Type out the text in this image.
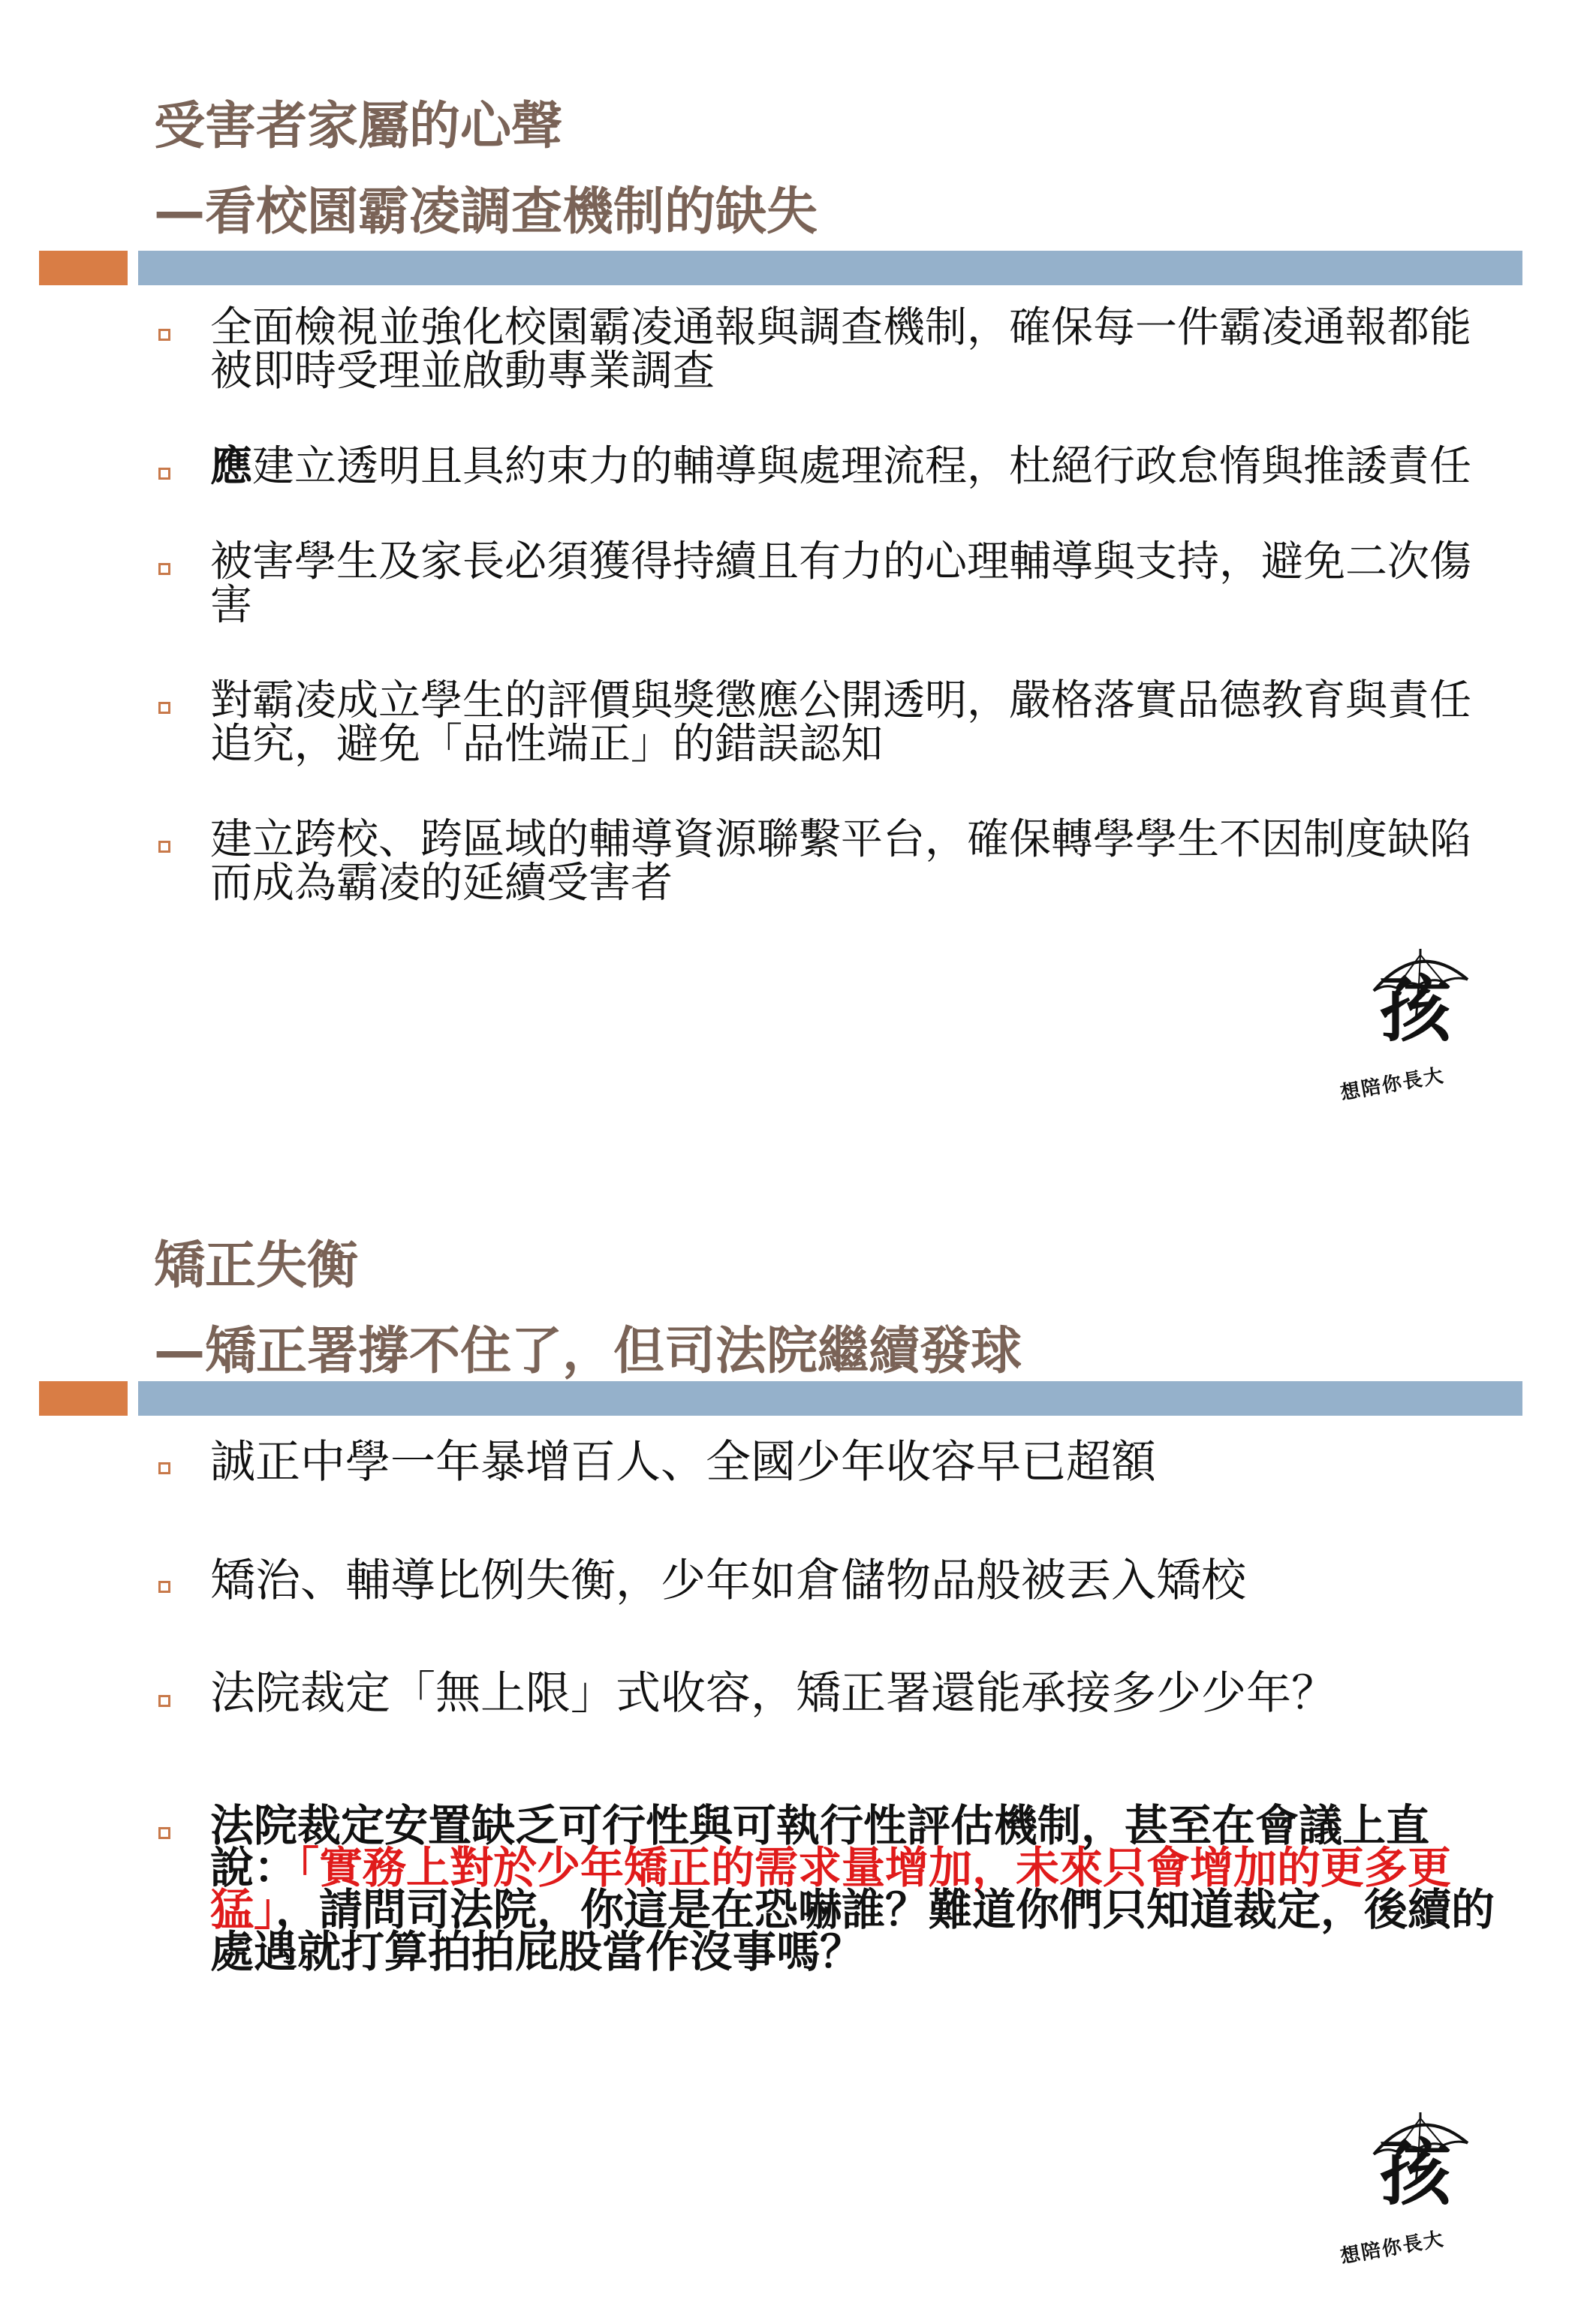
受害者家屬的心聲
—看校園霸凌調查機制的缺失
全面檢視並強化校園霸凌通報與調查機制，確保每一件霸凌通報都能被即時受理並啟動專業調查
應建立透明且具約束力的輔導與處理流程，杜絕行政怠惰與推諉責任
被害學生及家長必須獲得持續且有力的心理輔導與支持，避免二次傷害
對霸凌成立學生的評價與獎懲應公開透明，嚴格落實品德教育與責任追究，避免「品性端正」的錯誤認知
建立跨校、跨區域的輔導資源聯繫平台，確保轉學學生不因制度缺陷而成為霸凌的延續受害者
孩
想陪你長大
矯正失衡
—矯正署撐不住了，但司法院繼續發球
誠正中學一年暴增百人、全國少年收容早已超額
矯治、輔導比例失衡，少年如倉儲物品般被丟入矯校
法院裁定「無上限」式收容，矯正署還能承接多少少年？
法院裁定安置缺乏可行性與可執行性評估機制，甚至在會議上直說：「實務上對於少年矯正的需求量增加，未來只會增加的更多更猛」，請問司法院，你這是在恐嚇誰？難道你們只知道裁定，後續的處遇就打算拍拍屁股當作沒事嗎？
孩
想陪你長大
